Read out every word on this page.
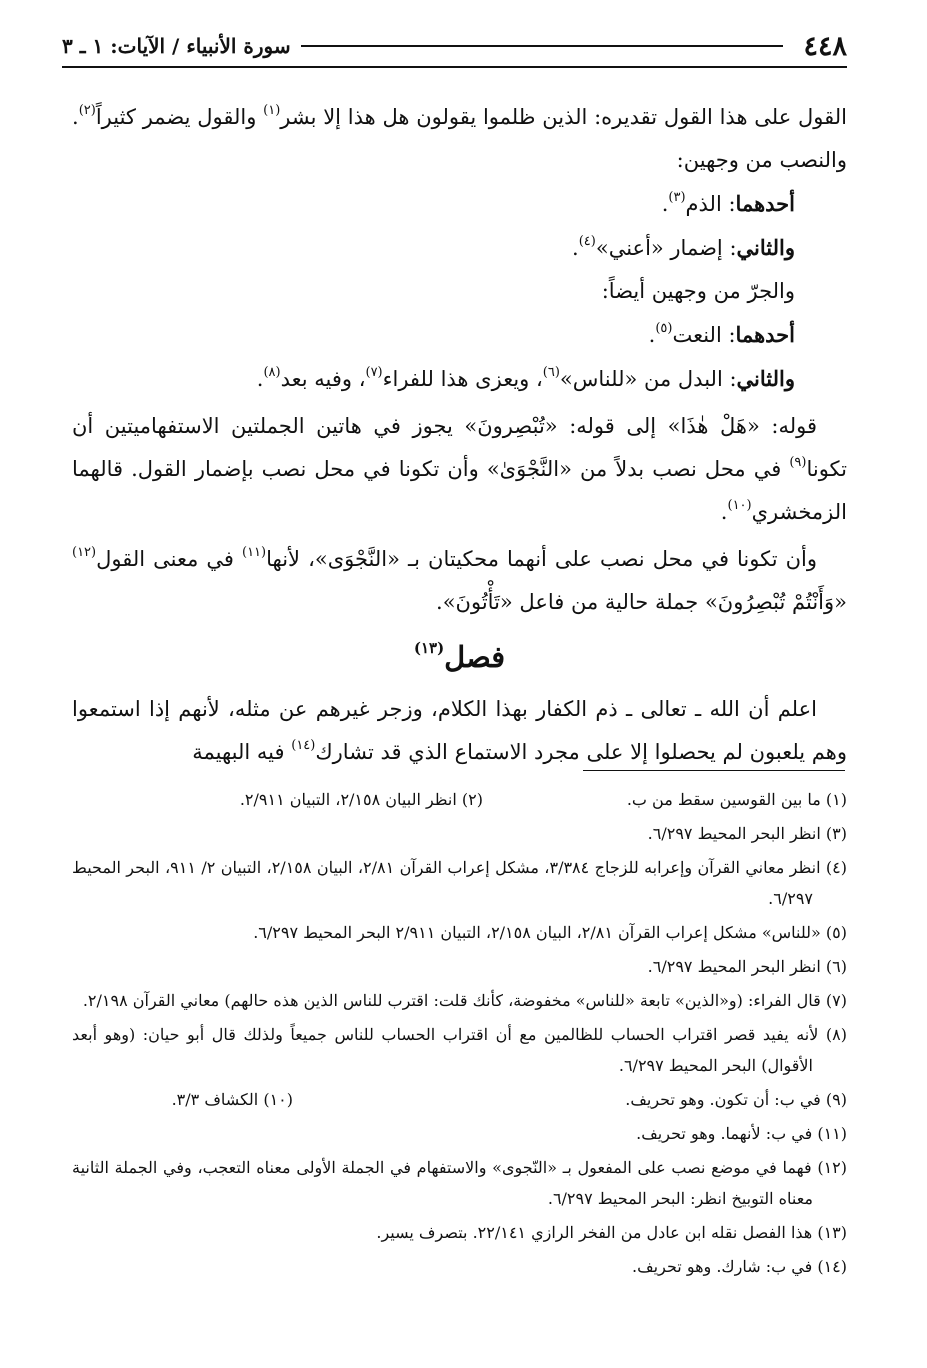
٤٤٨
سورة الأنبياء / الآيات: ١ ـ ٣

القول على هذا القول تقديره: الذين ظلموا يقولون هل هذا إلا بشر$^{(١)}$ والقول يضمر كثيراً$^{(٢)}$. والنصب من وجهين:

أحدهما: الذم$^{(٣)}$.

والثاني: إضمار «أعني»$^{(٤)}$.

والجرّ من وجهين أيضاً:

أحدهما: النعت$^{(٥)}$.

والثاني: البدل من «للناس»$^{(٦)}$، ويعزى هذا للفراء$^{(٧)}$، وفيه بعد$^{(٨)}$.

قوله: «هَلْ هٰذَا» إلى قوله: «تُبْصِرونَ» يجوز في هاتين الجملتين الاستفهاميتين أن تكونا$^{(٩)}$ في محل نصب بدلاً من «النَّجْوَىٰ» وأن تكونا في محل نصب بإضمار القول. قالهما الزمخشري$^{(١٠)}$.

وأن تكونا في محل نصب على أنهما محكيتان بـ «النَّجْوَى»، لأنها$^{(١١)}$ في معنى القول$^{(١٢)}$ «وَأَنْتُمْ تُبْصِرُونَ» جملة حالية من فاعل «تَأْتُونَ».

فصل$^{(١٣)}$

اعلم أن الله ـ تعالى ـ ذم الكفار بهذا الكلام، وزجر غيرهم عن مثله، لأنهم إذا استمعوا وهم يلعبون لم يحصلوا إلا على مجرد الاستماع الذي قد تشارك$^{(١٤)}$ فيه البهيمة

(١) ما بين القوسين سقط من ب.

(٢) انظر البيان ٢/١٥٨، التبيان ٢/٩١١.

(٣) انظر البحر المحيط ٦/٢٩٧.

(٤) انظر معاني القرآن وإعرابه للزجاج ٣/٣٨٤، مشكل إعراب القرآن ٢/٨١، البيان ٢/١٥٨، التبيان ٢/ ٩١١، البحر المحيط ٦/٢٩٧.

(٥) «للناس» مشكل إعراب القرآن ٢/٨١، البيان ٢/١٥٨، التبيان ٢/٩١١ البحر المحيط ٦/٢٩٧.

(٦) انظر البحر المحيط ٦/٢٩٧.

(٧) قال الفراء: (و«الذين» تابعة «للناس» مخفوضة، كأنك قلت: اقترب للناس الذين هذه حالهم) معاني القرآن ٢/١٩٨.

(٨) لأنه يفيد قصر اقتراب الحساب للظالمين مع أن اقتراب الحساب للناس جميعاً ولذلك قال أبو حيان: (وهو أبعد الأقوال) البحر المحيط ٦/٢٩٧.

(٩) في ب: أن تكون. وهو تحريف.

(١٠) الكشاف ٣/٣.

(١١) في ب: لأنهما. وهو تحريف.

(١٢) فهما في موضع نصب على المفعول بـ «النّجوى» والاستفهام في الجملة الأولى معناه التعجب، وفي الجملة الثانية معناه التوبيخ انظر: البحر المحيط ٦/٢٩٧.

(١٣) هذا الفصل نقله ابن عادل من الفخر الرازي ٢٢/١٤١. بتصرف يسير.

(١٤) في ب: شارك. وهو تحريف.
